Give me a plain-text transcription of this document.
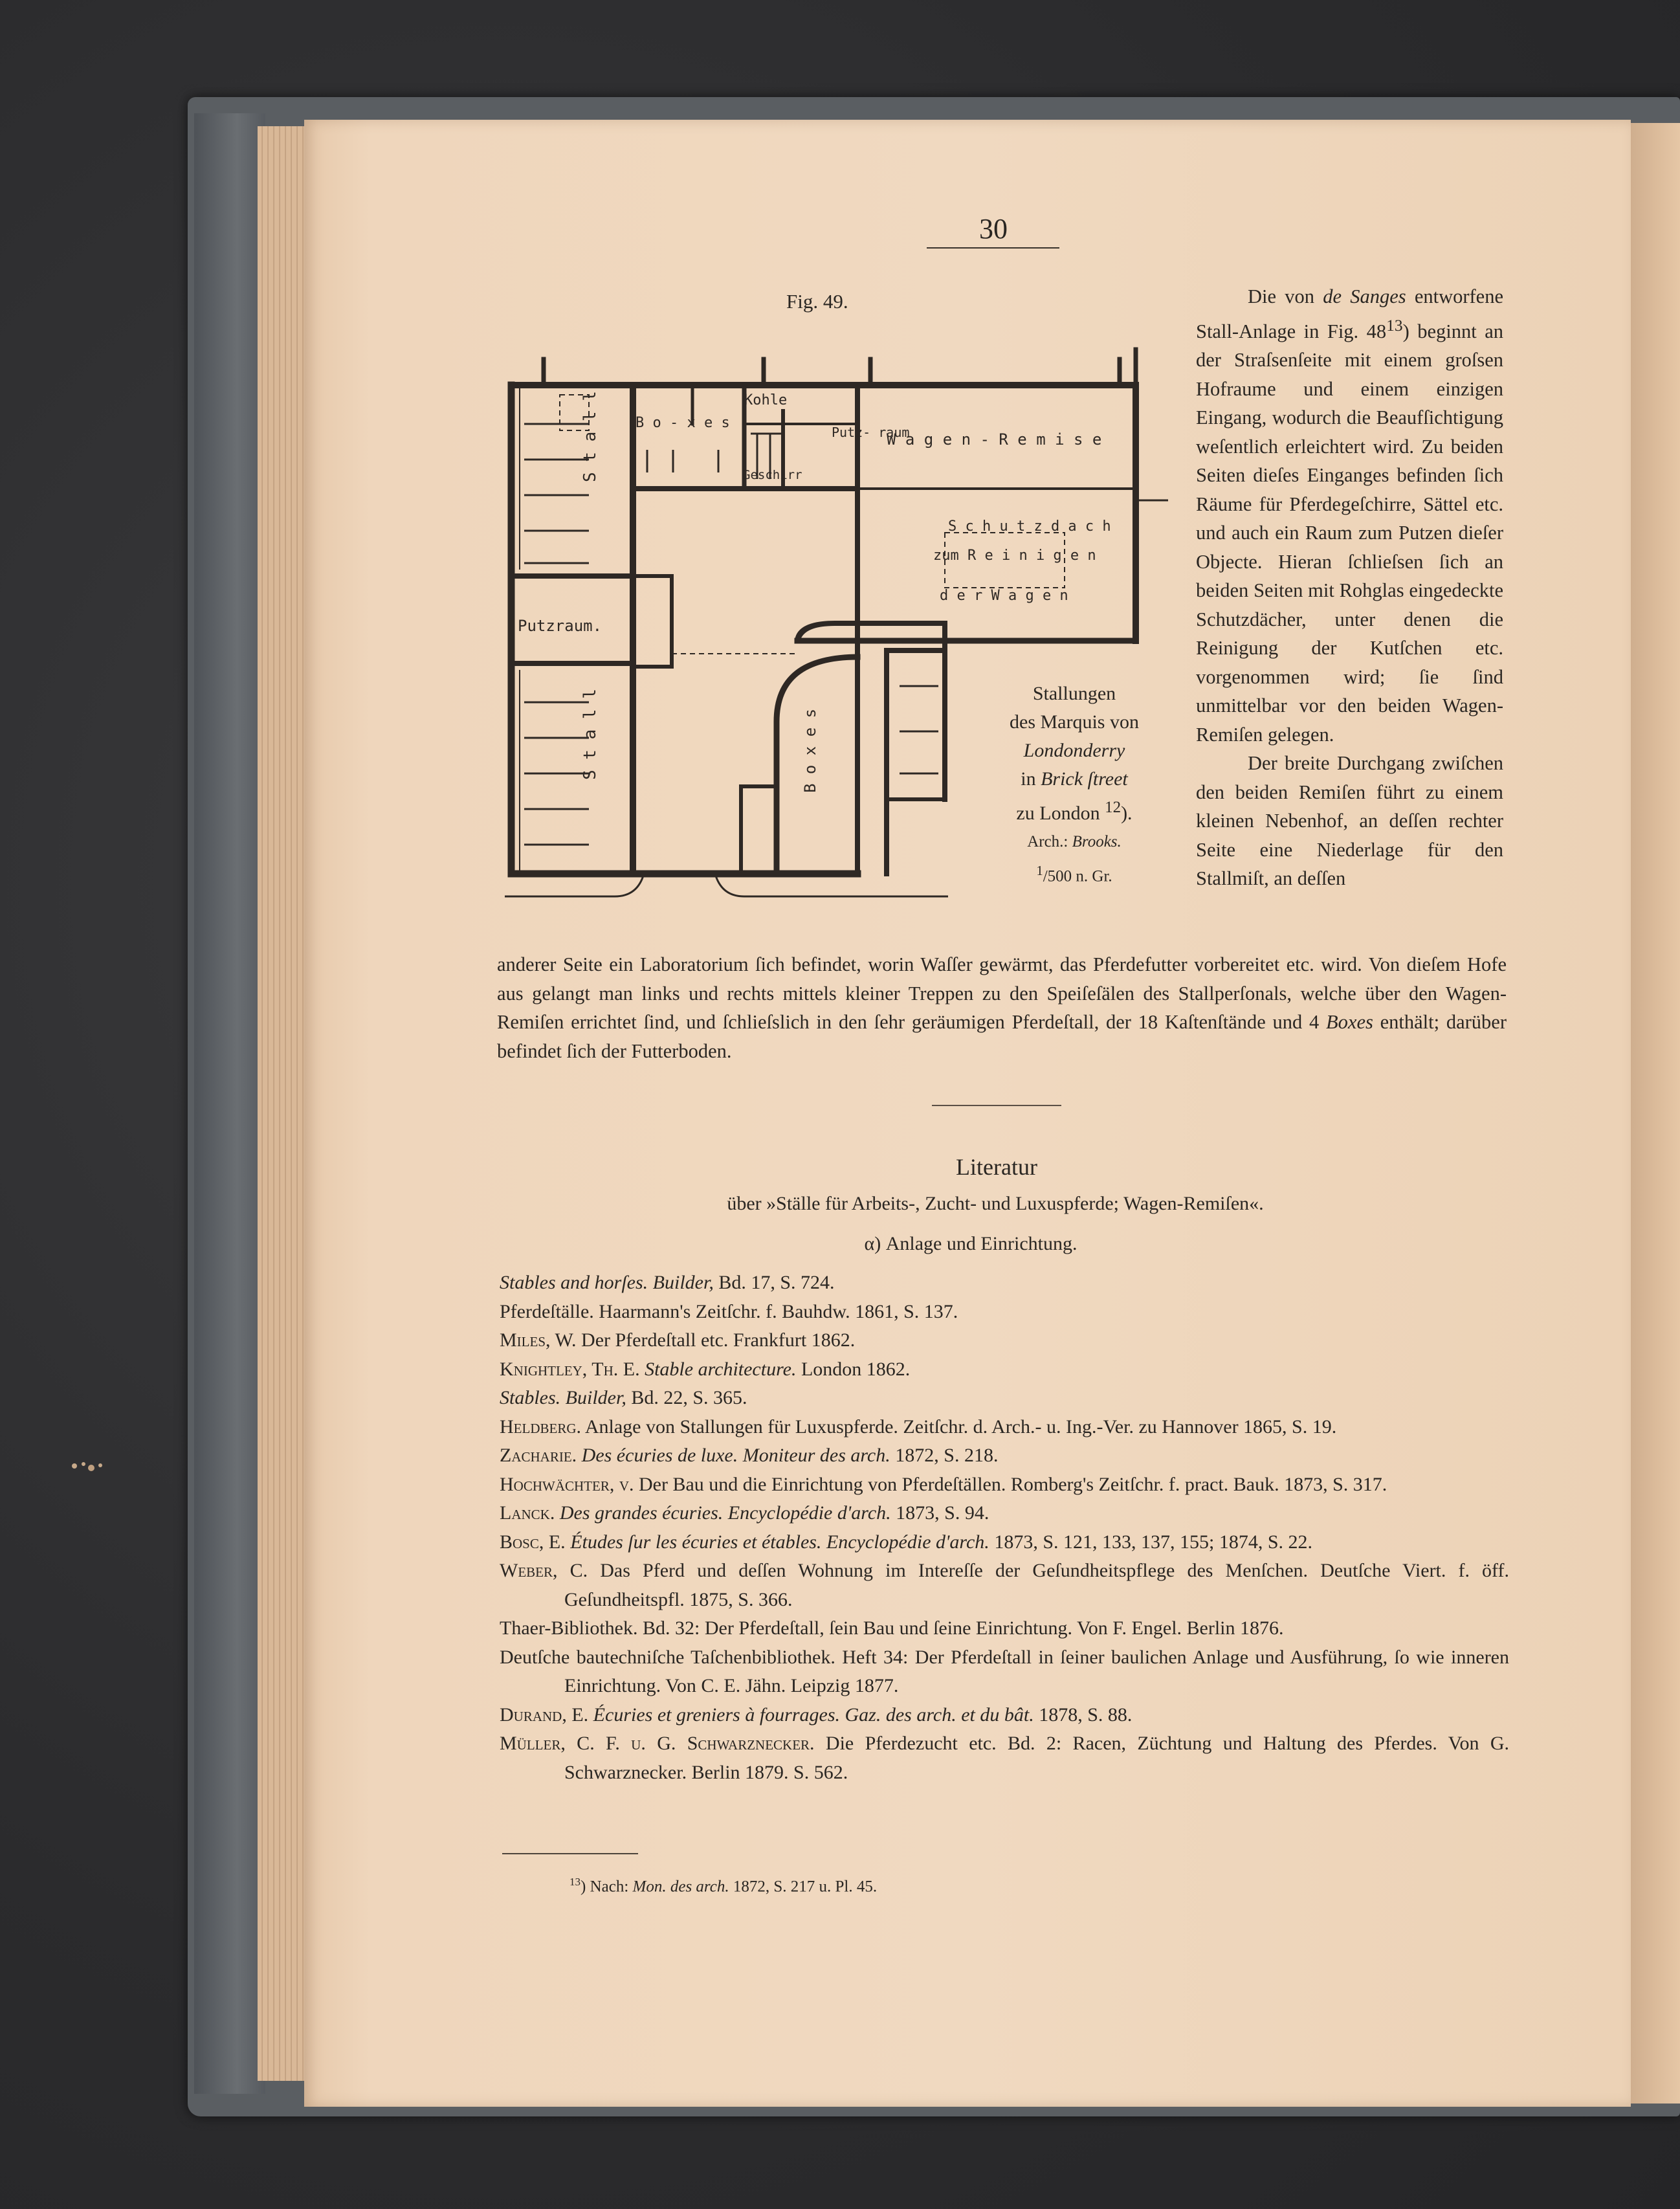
30
Fig. 49.
S t a l l
S t a l l
B o - x e s
Kohle
Putz- raum
Geschirr
W a g e n - R e m i s e
S c h u t z d a c h
zum R e i n i g e n
d e r W a g e n
Putzraum.
B o x e s
Stallungen
des Marquis von
Londonderry
in Brick ſtreet
zu London $^{12}$).
Arch.: Brooks.
$^1$/500 n. Gr.

Die von de Sanges entworfene Stall-Anlage in Fig. $48^{13}$) beginnt an der Straſsenſeite mit einem groſsen Hofraume und einem einzigen Eingang, wodurch die Beaufſichtigung weſentlich erleichtert wird. Zu beiden Seiten dieſes Einganges befinden ſich Räume für Pferdegeſchirre, Sättel etc. und auch ein Raum zum Putzen dieſer Objecte. Hieran ſchlieſsen ſich an beiden Seiten mit Rohglas eingedeckte Schutzdächer, unter denen die Reinigung der Kutſchen etc. vorgenommen wird; ſie ſind unmittelbar vor den beiden Wagen-Remiſen gelegen.

Der breite Durchgang zwiſchen den beiden Remiſen führt zu einem kleinen Nebenhof, an deſſen rechter Seite eine Niederlage für den Stallmiſt, an deſſen

anderer Seite ein Laboratorium ſich befindet, worin Waſſer gewärmt, das Pferdefutter vorbereitet etc. wird. Von dieſem Hofe aus gelangt man links und rechts mittels kleiner Treppen zu den Speiſeſälen des Stallperſonals, welche über den Wagen-Remiſen errichtet ſind, und ſchlieſslich in den ſehr geräumigen Pferdeſtall, der 18 Kaſtenſtände und 4 Boxes enthält; darüber befindet ſich der Futterboden.

Literatur
über »Ställe für Arbeits-, Zucht- und Luxuspferde; Wagen-Remiſen«.
α) Anlage und Einrichtung.
Stables and horſes. Builder, Bd. 17, S. 724.
Pferdeſtälle. Haarmann's Zeitſchr. f. Bauhdw. 1861, S. 137.
Miles, W. Der Pferdeſtall etc. Frankfurt 1862.
Knightley, Th. E. Stable architecture. London 1862.
Stables. Builder, Bd. 22, S. 365.
Heldberg. Anlage von Stallungen für Luxuspferde. Zeitſchr. d. Arch.- u. Ing.-Ver. zu Hannover 1865, S. 19.
Zacharie. Des écuries de luxe. Moniteur des arch. 1872, S. 218.
Hochwächter, v. Der Bau und die Einrichtung von Pferdeſtällen. Romberg's Zeitſchr. f. pract. Bauk. 1873, S. 317.
Lanck. Des grandes écuries. Encyclopédie d'arch. 1873, S. 94.
Bosc, E. Études ſur les écuries et étables. Encyclopédie d'arch. 1873, S. 121, 133, 137, 155; 1874, S. 22.
Weber, C. Das Pferd und deſſen Wohnung im Intereſſe der Geſundheitspflege des Menſchen. Deutſche Viert. f. öff. Geſundheitspfl. 1875, S. 366.
Thaer-Bibliothek. Bd. 32: Der Pferdeſtall, ſein Bau und ſeine Einrichtung. Von F. Engel. Berlin 1876.
Deutſche bautechniſche Taſchenbibliothek. Heft 34: Der Pferdeſtall in ſeiner baulichen Anlage und Ausführung, ſo wie inneren Einrichtung. Von C. E. Jähn. Leipzig 1877.
Durand, E. Écuries et greniers à fourrages. Gaz. des arch. et du bât. 1878, S. 88.
Müller, C. F. u. G. Schwarznecker. Die Pferdezucht etc. Bd. 2: Racen, Züchtung und Haltung des Pferdes. Von G. Schwarznecker. Berlin 1879. S. 562.
$^{13}$) Nach: Mon. des arch. 1872, S. 217 u. Pl. 45.
